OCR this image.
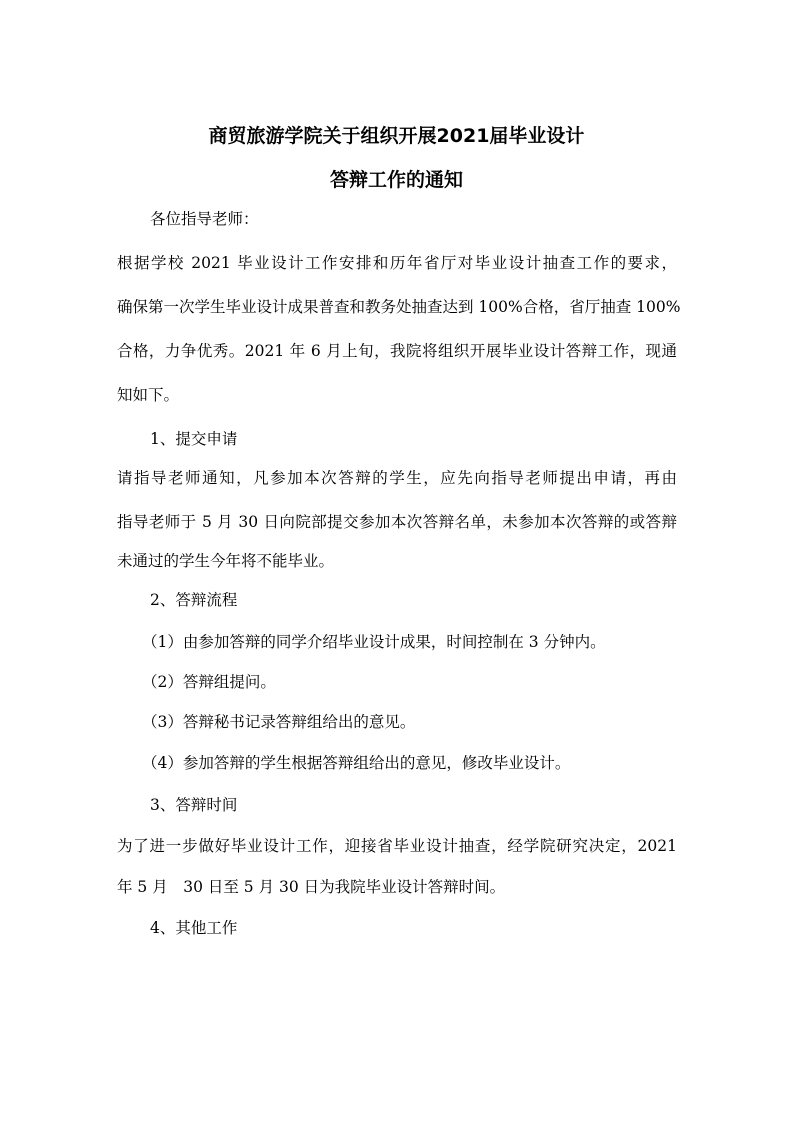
商贸旅游学院关于组织开展2021届毕业设计
答辩工作的通知
各位指导老师：
根据学校 2021 毕业设计工作安排和历年省厅对毕业设计抽查工作的要求，
确保第一次学生毕业设计成果普查和教务处抽查达到 100%合格，省厅抽查 100%
合格，力争优秀。2021 年 6 月上旬，我院将组织开展毕业设计答辩工作，现通
知如下。
1、提交申请
请指导老师通知，凡参加本次答辩的学生，应先向指导老师提出申请，再由
指导老师于 5 月 30 日向院部提交参加本次答辩名单，未参加本次答辩的或答辩
未通过的学生今年将不能毕业。
2、答辩流程
（1）由参加答辩的同学介绍毕业设计成果，时间控制在 3 分钟内。
（2）答辩组提问。
（3）答辩秘书记录答辩组给出的意见。
（4）参加答辩的学生根据答辩组给出的意见，修改毕业设计。
3、答辩时间
为了进一步做好毕业设计工作，迎接省毕业设计抽查，经学院研究决定，2021
年 5 月　30 日至 5 月 30 日为我院毕业设计答辩时间。
4、其他工作
